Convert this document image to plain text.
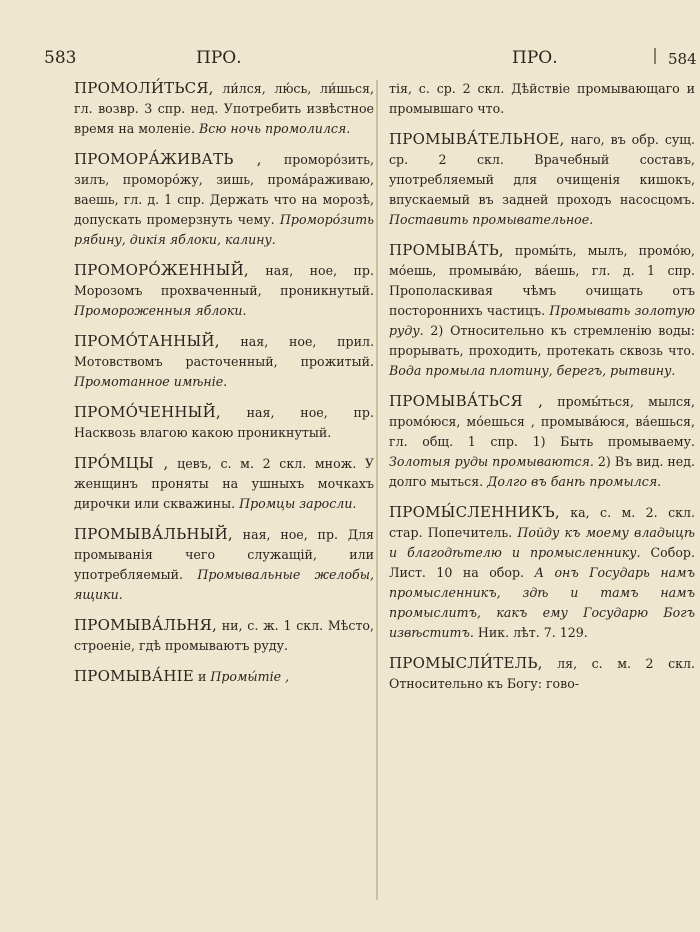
583	ПРО.	ПРО.	584

ПРОМОЛИ́ТЬСЯ, ли́лся, лю́сь, ли́шься, гл. возвр. 3 спр. нед. Употребить извѣстное время на моленіе. Всю ночь промолился.

ПРОМОРА́ЖИВАТЬ , проморо́зить, зилъ, проморо́жу, зишь, прома́раживаю, ваешь, гл. д. 1 спр. Держать что на морозѣ, допускать промерзнуть чему. Проморо́зить рябину, дикія яблоки, калину.

ПРОМОРО́ЖЕННЫЙ, ная, ное, пр. Морозомъ прохваченный, проникнутый. Промороженныя яблоки.

ПРОМО́ТАННЫЙ, ная, ное, прил. Мотовствомъ расточенный, прожитый. Промотанное имѣніе.

ПРОМО́ЧЕННЫЙ, ная, ное, пр. Насквозь влагою какою проникнутый.

ПРО́МЦЫ , цевъ, с. м. 2 скл. множ. У женщинъ проняты на ушныхъ мочкахъ дирочки или скважины. Промцы заросли.

ПРОМЫВА́ЛЬНЫЙ, ная, ное, пр. Для промыванія чего служащій, или употребляемый. Промывальные желобы, ящики.

ПРОМЫВА́ЛЬНЯ, ни, с. ж. 1 скл. Мѣсто, строеніе, гдѣ промываютъ руду.

ПРОМЫВА́НІЕ и Промы́тіе ,

тія, с. ср. 2 скл. Дѣйствіе промывающаго и промывшаго что.

ПРОМЫВА́ТЕЛЬНОЕ, наго, въ обр. сущ. ср. 2 скл. Врачебный составъ, употребляемый для очищенія кишокъ, впускаемый въ задней проходъ насосцомъ. Поставить промывательное.

ПРОМЫВА́ТЬ, промы́ть, мылъ, промо́ю, мо́ешь, промыва́ю, ва́ешь, гл. д. 1 спр. Прополаскивая чѣмъ очищать отъ постороннихъ частицъ. Промывать золотую руду. 2) Относительно къ стремленію воды: прорывать, проходить, протекать сквозь что. Вода промыла плотину, берегъ, рытвину.

ПРОМЫВА́ТЬСЯ , промы́ться, мылся, промо́юся, мо́ешься , промыва́юся, ва́ешься, гл. общ. 1 спр. 1) Быть промываему. Золотыя руды промываются. 2) Въ вид. нед. долго мыться. Долго въ банѣ промылся.

ПРОМЫ́СЛЕННИКЪ, ка, с. м. 2. скл. стар. Попечитель. Пойду къ моему владыцѣ и благодѣтелю и промысленнику. Собор. Лист. 10 на обор. А онъ Государь намъ промысленникъ, здѣ и тамъ намъ промыслитъ, какъ ему Государю Богъ извѣститъ. Ник. лѣт. 7. 129.

ПРОМЫСЛИ́ТЕЛЬ, ля, с. м. 2 скл. Относительно къ Богу: гово-
